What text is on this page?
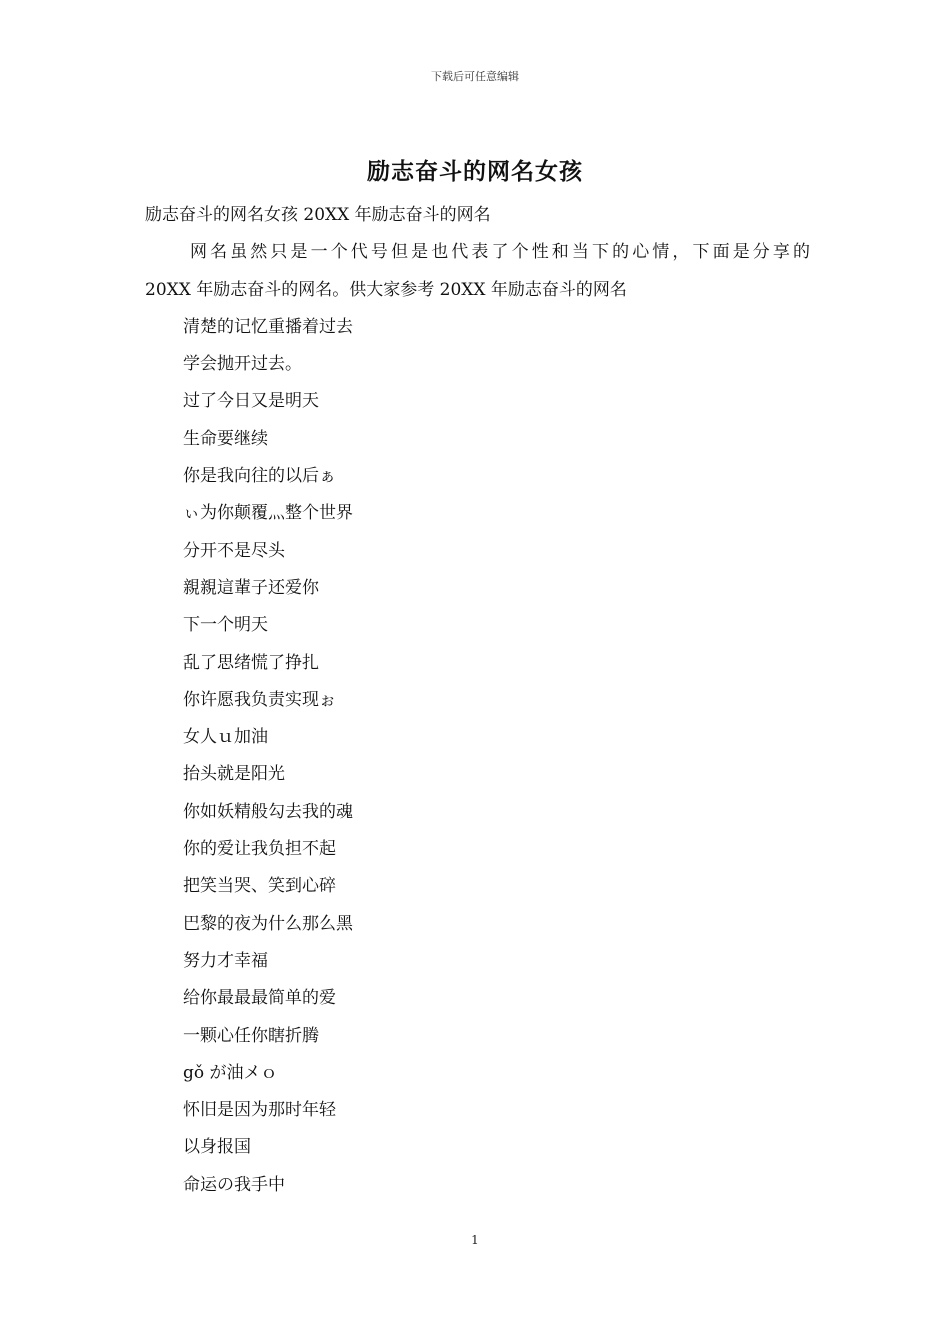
下载后可任意编辑
励志奋斗的网名女孩
励志奋斗的网名女孩 20XX 年励志奋斗的网名

网名虽然只是一个代号但是也代表了个性和当下的心情，下面是分享的
20XX 年励志奋斗的网名。供大家参考 20XX 年励志奋斗的网名

清楚的记忆重播着过去
学会抛开过去。
过了今日又是明天
生命要继续
你是我向往的以后ぁ
ぃ为你颠覆灬整个世界
分开不是尽头
親親這輩子还爱你
下一个明天
乱了思绪慌了挣扎
你许愿我负责实现ぉ
女人ｕ加油
抬头就是阳光
你如妖精般勾去我的魂
你的爱让我负担不起
把笑当哭、笑到心碎
巴黎的夜为什么那么黑
努力才幸福
给你最最最简单的爱
一颗心任你瞎折腾
gǒ が油メｏ
怀旧是因为那时年轻
以身报国
命运の我手中
1
